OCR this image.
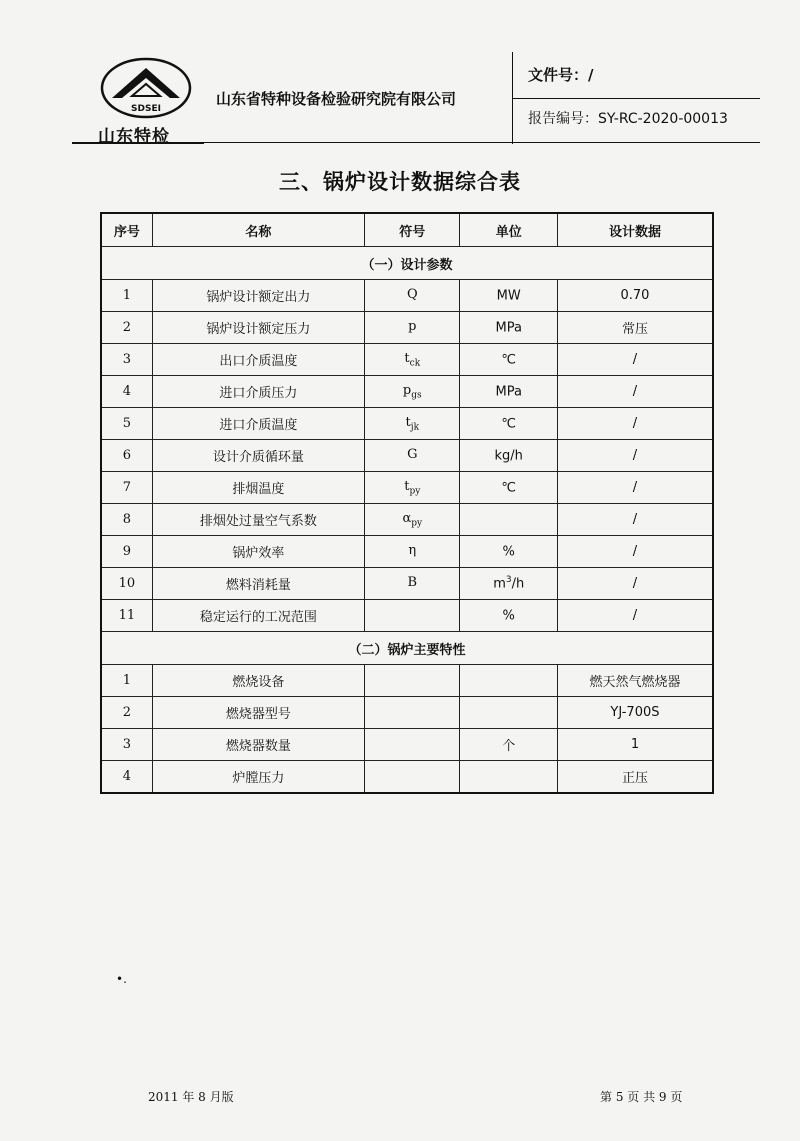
SDSEI
山东特检
山东省特种设备检验研究院有限公司
文件号：/
报告编号：SY-RC-2020-00013
三、锅炉设计数据综合表
序号	名称	符号	单位	设计数据
（一）设计参数				
1	锅炉设计额定出力	Q	MW	0.70
2	锅炉设计额定压力	p	MPa	常压
3	出口介质温度	$t_{ck}$	℃	/
4	进口介质压力	$p_{gs}$	MPa	/
5	进口介质温度	$t_{jk}$	℃	/
6	设计介质循环量	G	kg/h	/
7	排烟温度	$t_{py}$	℃	/
8	排烟处过量空气系数	$\alpha_{py}$		/
9	锅炉效率	η	%	/
10	燃料消耗量	B	$m^3/h$	/
11	稳定运行的工况范围		%	/
（二）锅炉主要特性				
1	燃烧设备			燃天然气燃烧器
2	燃烧器型号			YJ-700S
3	燃烧器数量		个	1
4	炉膛压力			正压
•.
2011 年 8 月版	第 5 页 共 9 页
